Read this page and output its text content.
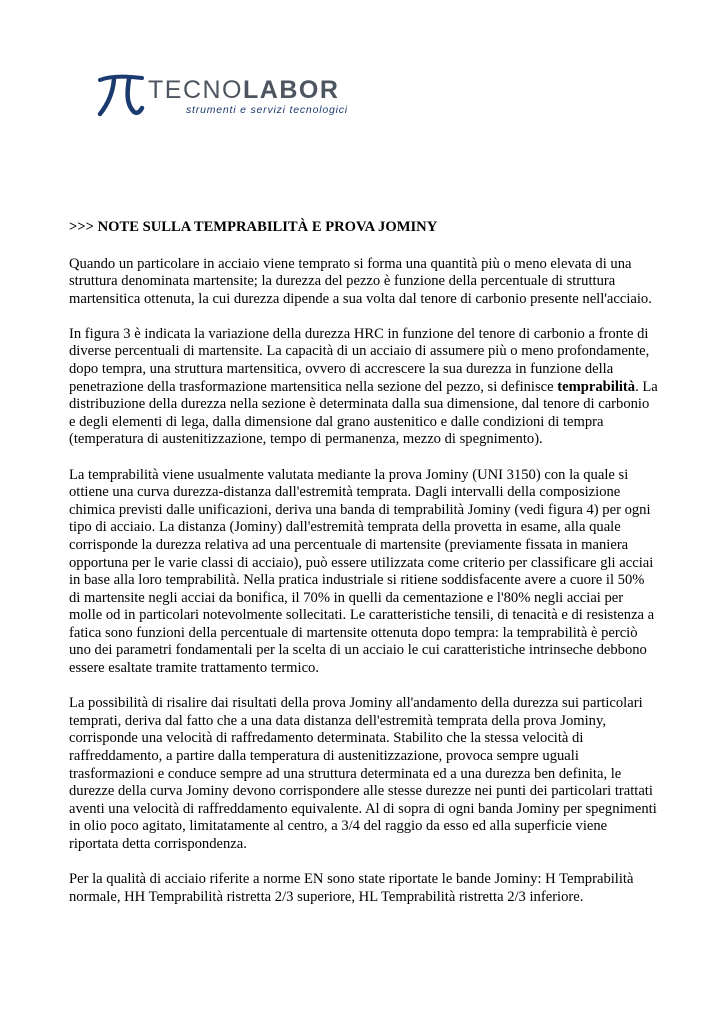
TECNOLABOR
strumenti e servizi tecnologici
>>> NOTE SULLA TEMPRABILITÀ E PROVA JOMINY

Quando un particolare in acciaio viene temprato si forma una quantità più o meno elevata di una struttura denominata martensite; la durezza del pezzo è funzione della percentuale di struttura martensitica ottenuta, la cui durezza dipende a sua volta dal tenore di carbonio presente nell'acciaio.

In figura 3 è indicata la variazione della durezza HRC in funzione del tenore di carbonio a fronte di diverse percentuali di martensite. La capacità di un acciaio di assumere più o meno profondamente, dopo tempra, una struttura martensitica, ovvero di accrescere la sua durezza in funzione della penetrazione della trasformazione martensitica nella sezione del pezzo, si definisce temprabilità. La distribuzione della durezza nella sezione è determinata dalla sua dimensione, dal tenore di carbonio e degli elementi di lega, dalla dimensione dal grano austenitico e dalle condizioni di tempra (temperatura di austenitizzazione, tempo di permanenza, mezzo di spegnimento).

La temprabilità viene usualmente valutata mediante la prova Jominy (UNI 3150) con la quale si ottiene una curva durezza-distanza dall'estremità temprata. Dagli intervalli della composizione chimica previsti dalle unificazioni, deriva una banda di temprabilità Jominy (vedi figura 4) per ogni tipo di acciaio. La distanza (Jominy) dall'estremità temprata della provetta in esame, alla quale corrisponde la durezza relativa ad una percentuale di martensite (previamente fissata in maniera opportuna per le varie classi di acciaio), può essere utilizzata come criterio per classificare gli acciai in base alla loro temprabilità. Nella pratica industriale si ritiene soddisfacente avere a cuore il 50% di martensite negli acciai da bonifica, il 70% in quelli da cementazione e l'80% negli acciai per molle od in particolari notevolmente sollecitati. Le caratteristiche tensili, di tenacità e di resistenza a fatica sono funzioni della percentuale di martensite ottenuta dopo tempra: la temprabilità è perciò uno dei parametri fondamentali per la scelta di un acciaio le cui caratteristiche intrinseche debbono essere esaltate tramite trattamento termico.

La possibilità di risalire dai risultati della prova Jominy all'andamento della durezza sui particolari temprati, deriva dal fatto che a una data distanza dell'estremità temprata della prova Jominy, corrisponde una velocità di raffredamento determinata. Stabilito che la stessa velocità di raffreddamento, a partire dalla temperatura di austenitizzazione, provoca sempre uguali trasformazioni e conduce sempre ad una struttura determinata ed a una durezza ben definita, le durezze della curva Jominy devono corrispondere alle stesse durezze nei punti dei particolari trattati aventi una velocità di raffreddamento equivalente. Al di sopra di ogni banda Jominy per spegnimenti in olio poco agitato, limitatamente al centro, a 3/4 del raggio da esso ed alla superficie viene riportata detta corrispondenza.

Per la qualità di acciaio riferite a norme EN sono state riportate le bande Jominy: H Temprabilità normale, HH Temprabilità ristretta 2/3 superiore, HL Temprabilità ristretta 2/3 inferiore.
